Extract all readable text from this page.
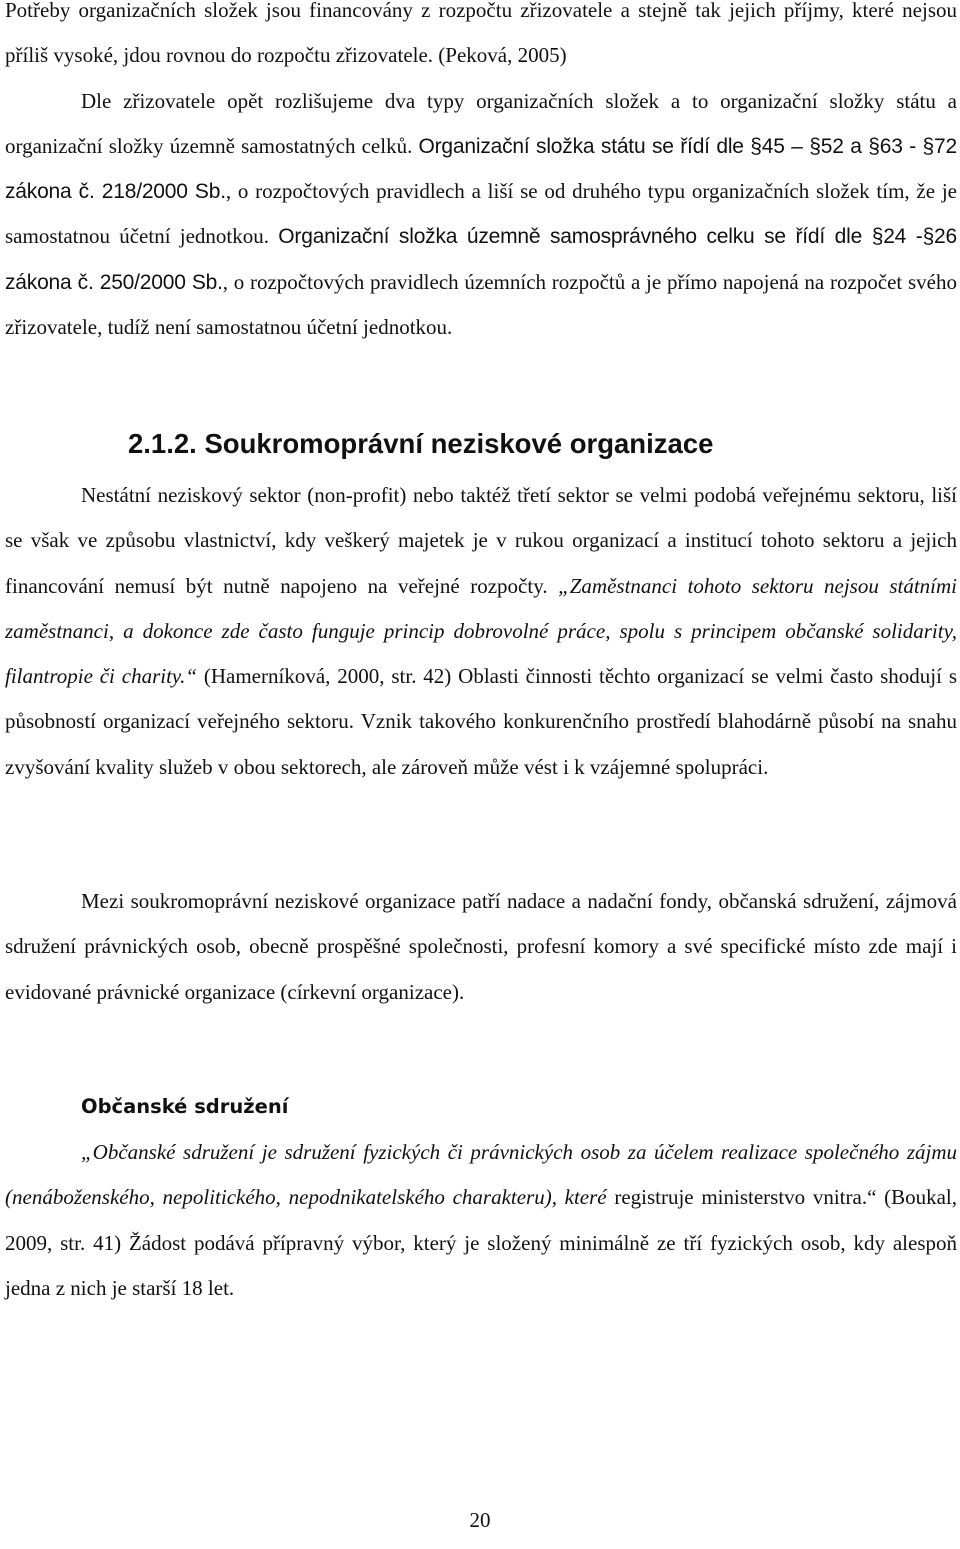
Potřeby organizačních složek jsou financovány z rozpočtu zřizovatele a stejně tak jejich příjmy, které nejsou příliš vysoké, jdou rovnou do rozpočtu zřizovatele. (Peková, 2005)
Dle zřizovatele opět rozlišujeme dva typy organizačních složek a to organizační složky státu a organizační složky územně samostatných celků. Organizační složka státu se řídí dle §45 – §52 a §63 - §72 zákona č. 218/2000 Sb., o rozpočtových pravidlech a liší se od druhého typu organizačních složek tím, že je samostatnou účetní jednotkou. Organizační složka územně samosprávného celku se řídí dle §24 -§26 zákona č. 250/2000 Sb., o rozpočtových pravidlech územních rozpočtů a je přímo napojená na rozpočet svého zřizovatele, tudíž není samostatnou účetní jednotkou.

2.1.2. Soukromoprávní neziskové organizace

Nestátní neziskový sektor (non-profit) nebo taktéž třetí sektor se velmi podobá veřejnému sektoru, liší se však ve způsobu vlastnictví, kdy veškerý majetek je v rukou organizací a institucí tohoto sektoru a jejich financování nemusí být nutně napojeno na veřejné rozpočty. „Zaměstnanci tohoto sektoru nejsou státními zaměstnanci, a dokonce zde často funguje princip dobrovolné práce, spolu s principem občanské solidarity, filantropie či charity.“ (Hamerníková, 2000, str. 42) Oblasti činnosti těchto organizací se velmi často shodují s působností organizací veřejného sektoru. Vznik takového konkurenčního prostředí blahodárně působí na snahu zvyšování kvality služeb v obou sektorech, ale zároveň může vést i k vzájemné spolupráci.

Mezi soukromoprávní neziskové organizace patří nadace a nadační fondy, občanská sdružení, zájmová sdružení právnických osob, obecně prospěšné společnosti, profesní komory a své specifické místo zde mají i evidované právnické organizace (církevní organizace).

Občanské sdružení

„Občanské sdružení je sdružení fyzických či právnických osob za účelem realizace společného zájmu (nenáboženského, nepolitického, nepodnikatelského charakteru), které registruje ministerstvo vnitra.“ (Boukal, 2009, str. 41) Žádost podává přípravný výbor, který je složený minimálně ze tří fyzických osob, kdy alespoň jedna z nich je starší 18 let.

20
